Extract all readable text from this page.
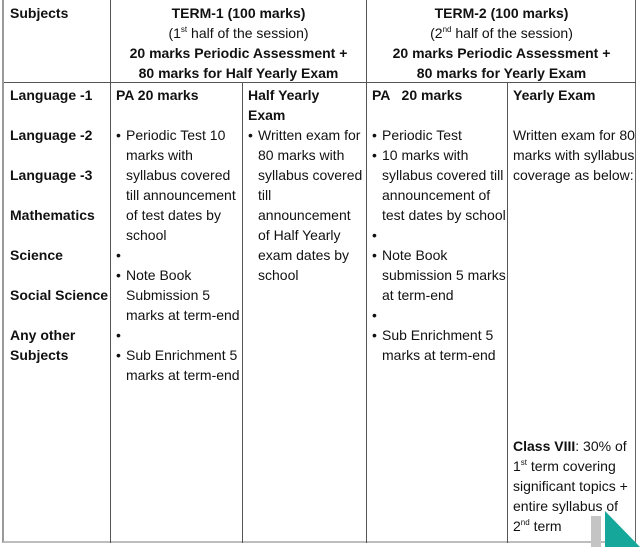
Subjects	TERM-1 (100 marks)
(1st half of the session)
20 marks Periodic Assessment +
80 marks for Half Yearly Exam
TERM-2 (100 marks)
(2nd half of the session)
20 marks Periodic Assessment +
80 marks for Yearly Exam
Language -1
Language -2
Language -3
Mathematics
Science
Social Science
Any other Subjects
PA 20 marks
• Periodic Test 10 marks with syllabus covered till announcement of test dates by school
•
• Note Book Submission 5 marks at term-end
•
• Sub Enrichment 5 marks at term-end
Half Yearly Exam
• Written exam for 80 marks with syllabus covered till announcement of Half Yearly exam dates by school
PA   20 marks
• Periodic Test
• 10 marks with syllabus covered till announcement of test dates by school
•
• Note Book submission 5 marks at term-end
•
• Sub Enrichment 5 marks at term-end
Yearly Exam
Written exam for 80 marks with syllabus coverage as below:
Class VIII: 30% of 1st term covering significant topics + entire syllabus of 2nd term
